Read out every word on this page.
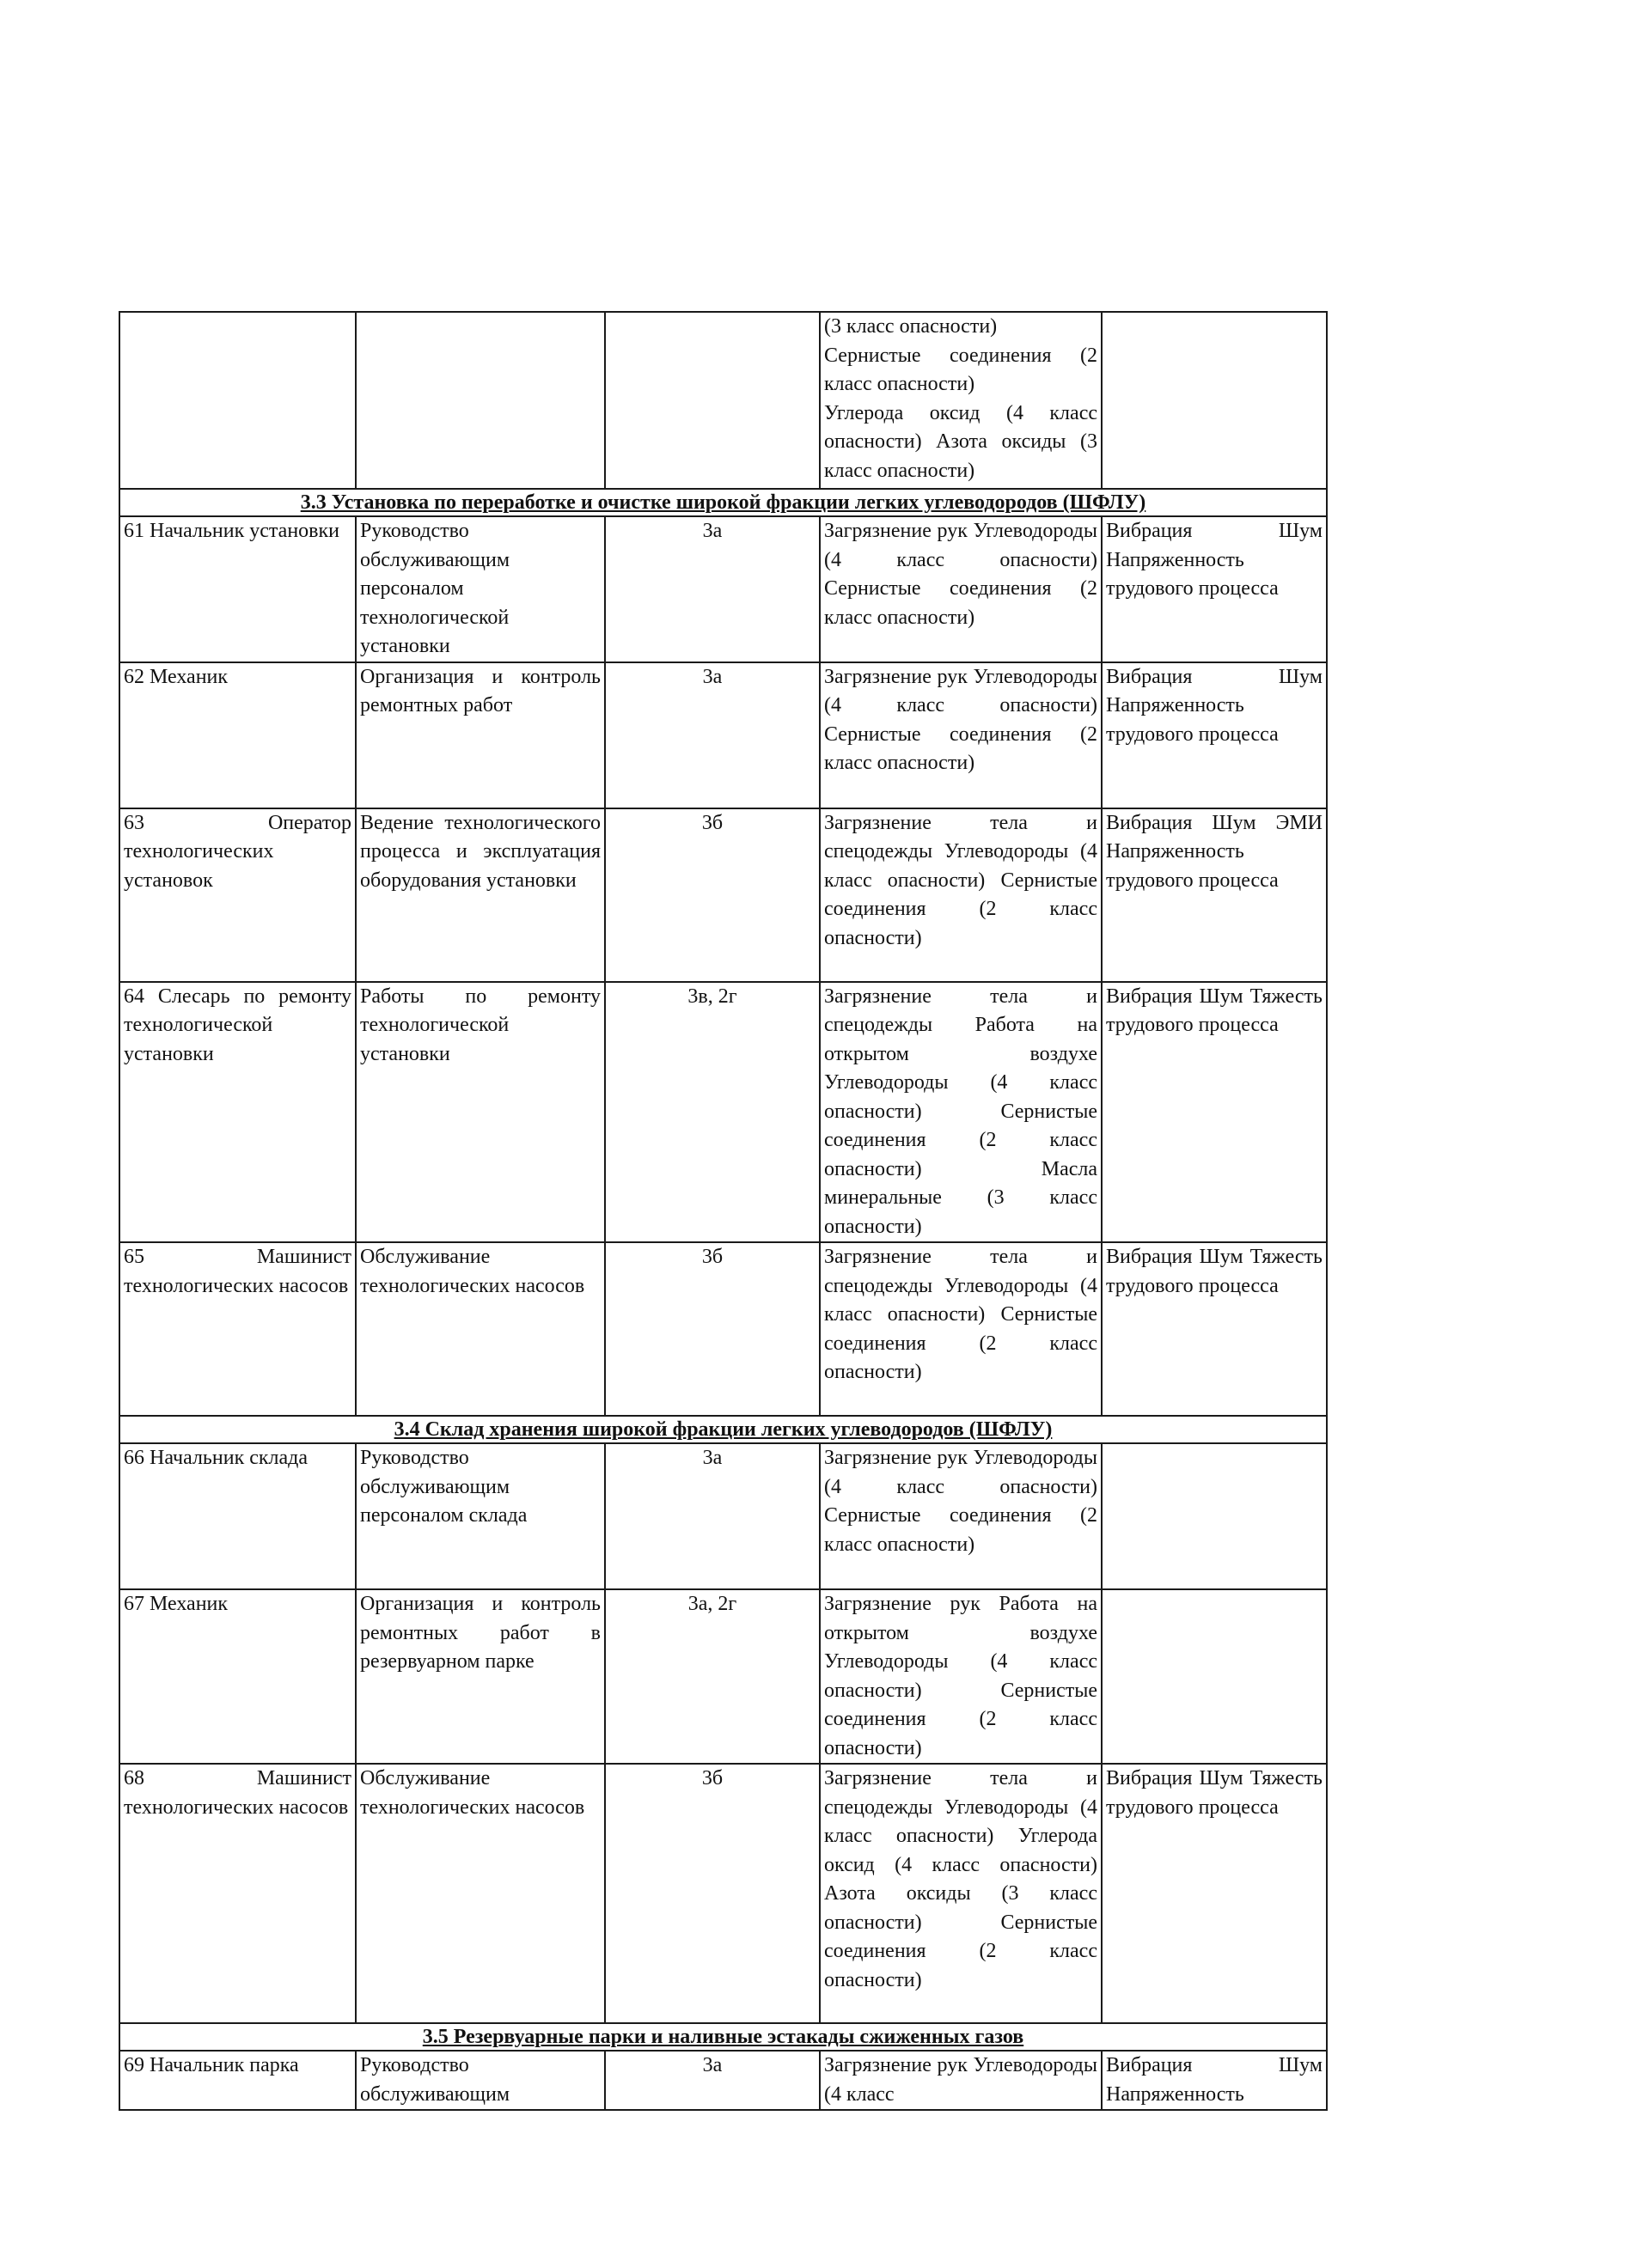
			(3 класс опасности)
Сернистые соединения (2 класс опасности)
Углерода оксид (4 класс опасности) Азота оксиды (3 класс опасности)	

3.3 Установка по переработке и очистке широкой фракции легких углеводородов (ШФЛУ)				
61 Начальник установки	Руководство обслуживающим персоналом технологической установки	3а	Загрязнение рук Углеводороды (4 класс опасности) Сернистые соединения (2 класс опасности)	Вибрация Шум Напряженность трудового процесса
62 Механик	Организация и контроль ремонтных работ	3а	Загрязнение рук Углеводороды (4 класс опасности) Сернистые соединения (2 класс опасности)	Вибрация Шум Напряженность трудового процесса
63 Оператор технологических установок	Ведение технологического процесса и эксплуатация оборудования установки	3б	Загрязнение тела и спецодежды Углеводороды (4 класс опасности) Сернистые соединения (2 класс опасности)	Вибрация Шум ЭМИ Напряженность трудового процесса
64 Слесарь по ремонту технологической установки	Работы по ремонту технологической установки	3в, 2г	Загрязнение тела и спецодежды Работа на открытом воздухе Углеводороды (4 класс опасности) Сернистые соединения (2 класс опасности) Масла минеральные (3 класс опасности)	Вибрация Шум Тяжесть трудового процесса
65 Машинист технологических насосов	Обслуживание технологических насосов	3б	Загрязнение тела и спецодежды Углеводороды (4 класс опасности) Сернистые соединения (2 класс опасности)	Вибрация Шум Тяжесть трудового процесса
3.4 Склад хранения широкой фракции легких углеводородов (ШФЛУ)				
66 Начальник склада	Руководство обслуживающим персоналом склада	3а	Загрязнение рук Углеводороды (4 класс опасности) Сернистые соединения (2 класс опасности)	
67 Механик	Организация и контроль ремонтных работ в резервуарном парке	3а, 2г	Загрязнение рук Работа на открытом воздухе Углеводороды (4 класс опасности) Сернистые соединения (2 класс опасности)	
68 Машинист технологических насосов	Обслуживание технологических насосов	3б	Загрязнение тела и спецодежды Углеводороды (4 класс опасности) Углерода оксид (4 класс опасности) Азота оксиды (3 класс опасности) Сернистые соединения (2 класс опасности)	Вибрация Шум Тяжесть трудового процесса
3.5 Резервуарные парки и наливные эстакады сжиженных газов				
69 Начальник парка	Руководство обслуживающим	3а	Загрязнение рук Углеводороды (4 класс	Вибрация Шум Напряженность
